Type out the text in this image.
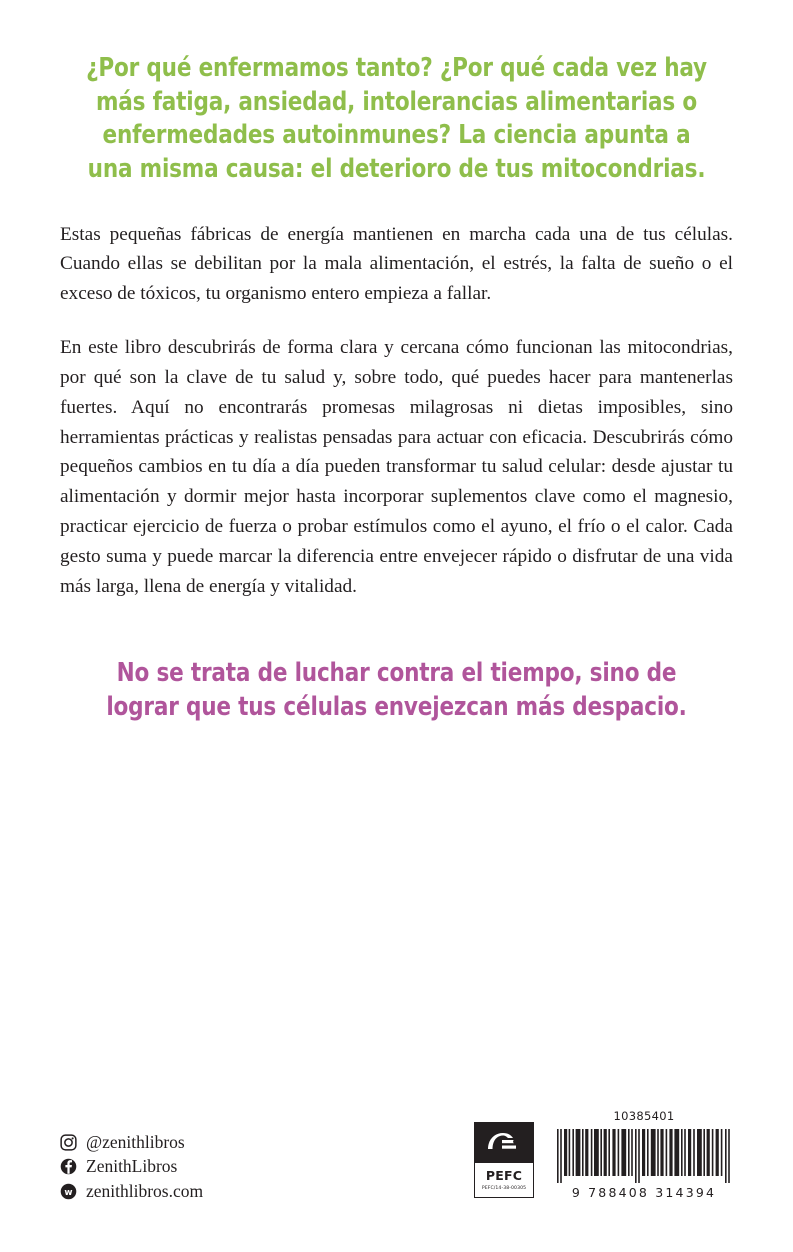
¿Por qué enfermamos tanto? ¿Por qué cada vez hay más fatiga, ansiedad, intolerancias alimentarias o enfermedades autoinmunes? La ciencia apunta a una misma causa: el deterioro de tus mitocondrias.

Estas pequeñas fábricas de energía mantienen en marcha cada una de tus células. Cuando ellas se debilitan por la mala alimentación, el estrés, la falta de sueño o el exceso de tóxicos, tu organismo entero empieza a fallar.

En este libro descubrirás de forma clara y cercana cómo funcionan las mitocondrias, por qué son la clave de tu salud y, sobre todo, qué puedes hacer para mantenerlas fuertes. Aquí no encontrarás promesas milagrosas ni dietas imposibles, sino herramientas prácticas y realistas pensadas para actuar con eficacia. Descubrirás cómo pequeños cambios en tu día a día pueden transformar tu salud celular: desde ajustar tu alimentación y dormir mejor hasta incorporar suplementos clave como el magnesio, practicar ejercicio de fuerza o probar estímulos como el ayuno, el frío o el calor. Cada gesto suma y puede marcar la diferencia entre envejecer rápido o disfrutar de una vida más larga, llena de energía y vitalidad.

No se trata de luchar contra el tiempo, sino de lograr que tus células envejezcan más despacio.
@zenithlibros
ZenithLibros
w zenithlibros.com
PEFC
PEFC/14-38-00305
10385401
9 788408 314394
